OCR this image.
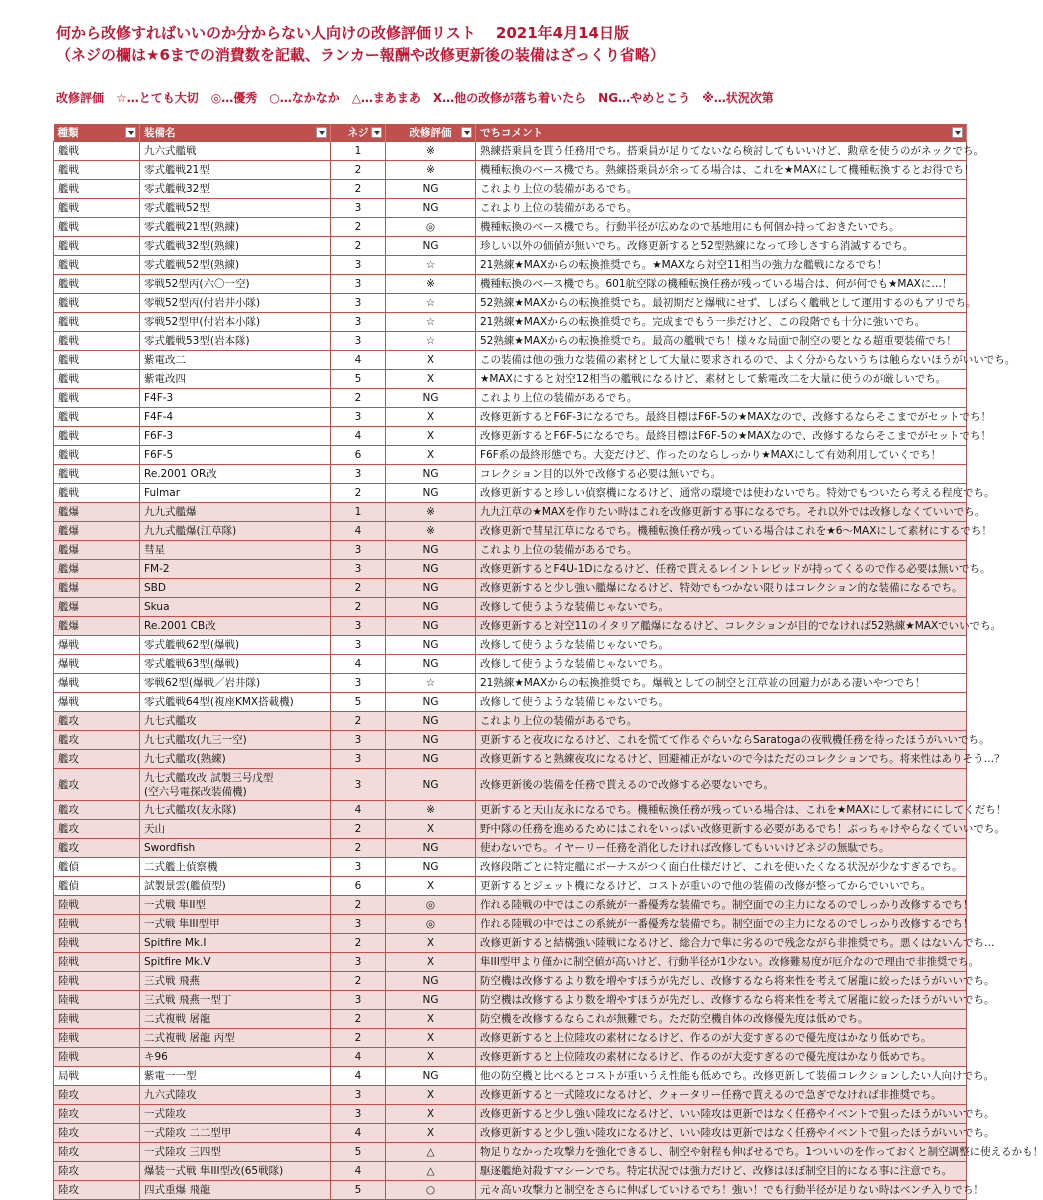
何から改修すればいいのか分からない人向けの改修評価リスト　 2021年4月14日版
（ネジの欄は★6までの消費数を記載、ランカー報酬や改修更新後の装備はざっくり省略）
改修評価　☆…とても大切　◎…優秀　○…なかなか　△…まあまあ　X…他の改修が落ち着いたら　NG…やめとこう　※…状況次第
種類	装備名	ネジ	改修評価	でちコメント

艦戦	九六式艦戦	1	※	熟練搭乗員を貰う任務用でち。搭乗員が足りてないなら検討してもいいけど、勲章を使うのがネックでち。
艦戦	零式艦戦21型	2	※	機種転換のベース機でち。熟練搭乗員が余ってる場合は、これを★MAXにして機種転換するとお得でち！
艦戦	零式艦戦32型	2	NG	これより上位の装備があるでち。
艦戦	零式艦戦52型	3	NG	これより上位の装備があるでち。
艦戦	零式艦戦21型(熟練)	2	◎	機種転換のベース機でち。行動半径が広めなので基地用にも何個か持っておきたいでち。
艦戦	零式艦戦32型(熟練)	2	NG	珍しい以外の価値が無いでち。改修更新すると52型熟練になって珍しさすら消滅するでち。
艦戦	零式艦戦52型(熟練)	3	☆	21熟練★MAXからの転換推奨でち。★MAXなら対空11相当の強力な艦戦になるでち！
艦戦	零戦52型丙(六〇一空)	3	※	機種転換のベース機でち。601航空隊の機種転換任務が残っている場合は、何が何でも★MAXに…！
艦戦	零戦52型丙(付岩井小隊)	3	☆	52熟練★MAXからの転換推奨でち。最初期だと爆戦にせず、しばらく艦戦として運用するのもアリでち。
艦戦	零戦52型甲(付岩本小隊)	3	☆	21熟練★MAXからの転換推奨でち。完成までもう一歩だけど、この段階でも十分に強いでち。
艦戦	零式艦戦53型(岩本隊)	3	☆	52熟練★MAXからの転換推奨でち。最高の艦戦でち！様々な局面で制空の要となる超重要装備でち！
艦戦	紫電改二	4	X	この装備は他の強力な装備の素材として大量に要求されるので、よく分からないうちは触らないほうがいいでち。
艦戦	紫電改四	5	X	★MAXにすると対空12相当の艦戦になるけど、素材として紫電改二を大量に使うのが厳しいでち。
艦戦	F4F-3	2	NG	これより上位の装備があるでち。
艦戦	F4F-4	3	X	改修更新するとF6F-3になるでち。最終目標はF6F-5の★MAXなので、改修するならそこまでがセットでち！
艦戦	F6F-3	4	X	改修更新するとF6F-5になるでち。最終目標はF6F-5の★MAXなので、改修するならそこまでがセットでち！
艦戦	F6F-5	6	X	F6F系の最終形態でち。大変だけど、作ったのならしっかり★MAXにして有効利用していくでち！
艦戦	Re.2001 OR改	3	NG	コレクション目的以外で改修する必要は無いでち。
艦戦	Fulmar	2	NG	改修更新すると珍しい偵察機になるけど、通常の環境では使わないでち。特効でもついたら考える程度でち。
艦爆	九九式艦爆	1	※	九九江草の★MAXを作りたい時はこれを改修更新する事になるでち。それ以外では改修しなくていいでち。
艦爆	九九式艦爆(江草隊)	4	※	改修更新で彗星江草になるでち。機種転換任務が残っている場合はこれを★6～MAXにして素材にするでち！
艦爆	彗星	3	NG	これより上位の装備があるでち。
艦爆	FM-2	3	NG	改修更新するとF4U-1Dになるけど、任務で貰えるレイントレビッドが持ってくるので作る必要は無いでち。
艦爆	SBD	2	NG	改修更新すると少し強い艦爆になるけど、特効でもつかない限りはコレクション的な装備になるでち。
艦爆	Skua	2	NG	改修して使うような装備じゃないでち。
艦爆	Re.2001 CB改	3	NG	改修更新すると対空11のイタリア艦爆になるけど、コレクションが目的でなければ52熟練★MAXでいいでち。
爆戦	零式艦戦62型(爆戦)	3	NG	改修して使うような装備じゃないでち。
爆戦	零式艦戦63型(爆戦)	4	NG	改修して使うような装備じゃないでち。
爆戦	零戦62型(爆戦／岩井隊)	3	☆	21熟練★MAXからの転換推奨でち。爆戦としての制空と江草並の回避力がある凄いやつでち！
爆戦	零式艦戦64型(複座KMX搭載機)	5	NG	改修して使うような装備じゃないでち。
艦攻	九七式艦攻	2	NG	これより上位の装備があるでち。
艦攻	九七式艦攻(九三一空)	3	NG	更新すると夜攻になるけど、これを慌てて作るぐらいならSaratogaの夜戦機任務を待ったほうがいいでち。
艦攻	九七式艦攻(熟練)	3	NG	改修更新すると熟練夜攻になるけど、回避補正がないので今はただのコレクションでち。将来性はありそう…？
艦攻	九七式艦攻改 試製三号戊型
(空六号電探改装備機)	3	NG	改修更新後の装備を任務で貰えるので改修する必要ないでち。
艦攻	九七式艦攻(友永隊)	4	※	更新すると天山友永になるでち。機種転換任務が残っている場合は、これを★MAXにして素材ににしてくだち！
艦攻	天山	2	X	野中隊の任務を進めるためにはこれをいっぱい改修更新する必要があるでち！ぶっちゃけやらなくていいでち。
艦攻	Swordfish	2	NG	使わないでち。イヤーリー任務を消化したければ改修してもいいけどネジの無駄でち。
艦偵	二式艦上偵察機	3	NG	改修段階ごとに特定艦にボーナスがつく面白仕様だけど、これを使いたくなる状況が少なすぎるでち。
艦偵	試製景雲(艦偵型)	6	X	更新するとジェット機になるけど、コストが重いので他の装備の改修が整ってからでいいでち。
陸戦	一式戦 隼II型	2	◎	作れる陸戦の中ではこの系統が一番優秀な装備でち。制空面での主力になるのでしっかり改修するでち！
陸戦	一式戦 隼III型甲	3	◎	作れる陸戦の中ではこの系統が一番優秀な装備でち。制空面での主力になるのでしっかり改修するでち！
陸戦	Spitfire Mk.I	2	X	改修更新すると結構強い陸戦になるけど、総合力で隼に劣るので残念ながら非推奨でち。悪くはないんでち…
陸戦	Spitfire Mk.V	3	X	隼III型甲より僅かに制空値が高いけど、行動半径が1少ない。改修難易度が厄介なので理由で非推奨でち。
陸戦	三式戦 飛燕	2	NG	防空機は改修するより数を増やすほうが先だし、改修するなら将来性を考えて屠龍に絞ったほうがいいでち。
陸戦	三式戦 飛燕一型丁	3	NG	防空機は改修するより数を増やすほうが先だし、改修するなら将来性を考えて屠龍に絞ったほうがいいでち。
陸戦	二式複戦 屠龍	2	X	防空機を改修するならこれが無難でち。ただ防空機自体の改修優先度は低めでち。
陸戦	二式複戦 屠龍 丙型	2	X	改修更新すると上位陸攻の素材になるけど、作るのが大変すぎるので優先度はかなり低めでち。
陸戦	キ96	4	X	改修更新すると上位陸攻の素材になるけど、作るのが大変すぎるので優先度はかなり低めでち。
局戦	紫電一一型	4	NG	他の防空機と比べるとコストが重いうえ性能も低めでち。改修更新して装備コレクションしたい人向けでち。
陸攻	九六式陸攻	3	X	改修更新すると一式陸攻になるけど、クォータリー任務で貰えるので急ぎでなければ非推奨でち。
陸攻	一式陸攻	3	X	改修更新すると少し強い陸攻になるけど、いい陸攻は更新ではなく任務やイベントで狙ったほうがいいでち。
陸攻	一式陸攻 二二型甲	4	X	改修更新すると少し強い陸攻になるけど、いい陸攻は更新ではなく任務やイベントで狙ったほうがいいでち。
陸攻	一式陸攻 三四型	5	△	物足りなかった攻撃力を強化できるし、制空や射程も伸ばせるでち。1ついいのを作っておくと制空調整に使えるかも！
陸攻	爆装一式戦 隼III型改(65戦隊)	4	△	駆逐艦絶対殺すマシーンでち。特定状況では強力だけど、改修はほぼ制空目的になる事に注意でち。
陸攻	四式重爆 飛龍	5	○	元々高い攻撃力と制空をさらに伸ばしていけるでち！強い！でも行動半径が足りない時はベンチ入りでち！
